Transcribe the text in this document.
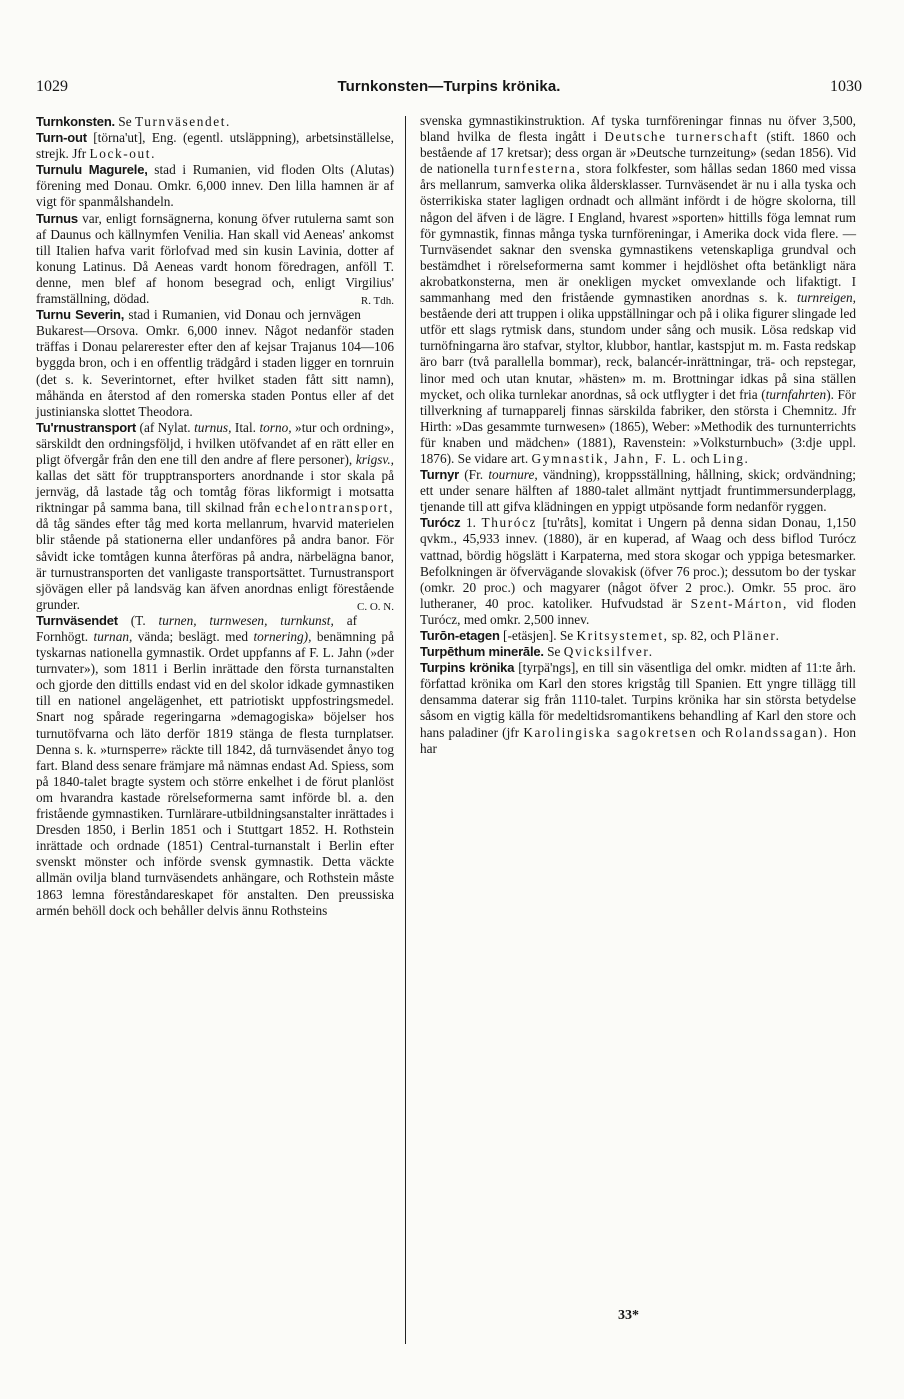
1029	Turnkonsten—Turpins krönika.	1030

Turnkonsten. Se Turnväsendet.

Turn-out [törna'ut], Eng. (egentl. utsläppning), arbetsinställelse, strejk. Jfr Lock-out.

Turnulu Magurele, stad i Rumanien, vid floden Olts (Alutas) förening med Donau. Omkr. 6,000 innev. Den lilla hamnen är af vigt för spanmålshandeln.

Turnus var, enligt fornsägnerna, konung öfver rutulerna samt son af Daunus och källnymfen Venilia. Han skall vid Aeneas' ankomst till Italien hafva varit förlofvad med sin kusin Lavinia, dotter af konung Latinus. Då Aeneas vardt honom föredragen, anföll T. denne, men blef af honom besegrad och, enligt Virgilius' framställning, dödad.	R. Tdh.

Turnu Severin, stad i Rumanien, vid Donau och jernvägen Bukarest—Orsova. Omkr. 6,000 innev. Något nedanför staden träffas i Donau pelarerester efter den af kejsar Trajanus 104—106 byggda bron, och i en offentlig trädgård i staden ligger en tornruin (det s. k. Severintornet, efter hvilket staden fått sitt namn), måhända en återstod af den romerska staden Pontus eller af det justinianska slottet Theodora.

Tu'rnustransport (af Nylat. turnus, Ital. torno, »tur och ordning», särskildt den ordningsföljd, i hvilken utöfvandet af en rätt eller en pligt öfvergår från den ene till den andre af flere personer), krigsv., kallas det sätt för trupptransporters anordnande i stor skala på jernväg, då lastade tåg och tomtåg föras likformigt i motsatta riktningar på samma bana, till skilnad från echelontransport, då tåg sändes efter tåg med korta mellanrum, hvarvid materielen blir stående på stationerna eller undanföres på andra banor. För såvidt icke tomtågen kunna återföras på andra, närbelägna banor, är turnustransporten det vanligaste transportsättet. Turnustransport sjövägen eller på landsväg kan äfven anordnas enligt förestående grunder.	C. O. N.

Turnväsendet (T. turnen, turnwesen, turnkunst, af Fornhögt. turnan, vända; beslägt. med tornering), benämning på tyskarnas nationella gymnastik. Ordet uppfanns af F. L. Jahn (»der turnvater»), som 1811 i Berlin inrättade den första turnanstalten och gjorde den dittills endast vid en del skolor idkade gymnastiken till en nationel angelägenhet, ett patriotiskt uppfostringsmedel. Snart nog spårade regeringarna »demagogiska» böjelser hos turnutöfvarna och läto derför 1819 stänga de flesta turnplatser. Denna s. k. »turnsperre» räckte till 1842, då turnväsendet ånyo tog fart. Bland dess senare främjare må nämnas endast Ad. Spiess, som på 1840-talet bragte system och större enkelhet i de förut planlöst om hvarandra kastade rörelseformerna samt införde bl. a. den fristående gymnastiken. Turnlärare-utbildningsanstalter inrättades i Dresden 1850, i Berlin 1851 och i Stuttgart 1852. H. Rothstein inrättade och ordnade (1851) Central-turnanstalt i Berlin efter svenskt mönster och införde svensk gymnastik. Detta väckte allmän ovilja bland turnväsendets anhängare, och Rothstein måste 1863 lemna föreståndareskapet för anstalten. Den preussiska armén behöll dock och behåller delvis ännu Rothsteins

svenska gymnastikinstruktion. Af tyska turnföreningar finnas nu öfver 3,500, bland hvilka de flesta ingått i Deutsche turnerschaft (stift. 1860 och bestående af 17 kretsar); dess organ är »Deutsche turnzeitung» (sedan 1856). Vid de nationella turnfesterna, stora folkfester, som hållas sedan 1860 med vissa års mellanrum, samverka olika åldersklasser. Turnväsendet är nu i alla tyska och österrikiska stater lagligen ordnadt och allmänt infördt i de högre skolorna, till någon del äfven i de lägre. I England, hvarest »sporten» hittills föga lemnat rum för gymnastik, finnas många tyska turnföreningar, i Amerika dock vida flere. — Turnväsendet saknar den svenska gymnastikens vetenskapliga grundval och bestämdhet i rörelseformerna samt kommer i hejdlöshet ofta betänkligt nära akrobatkonsterna, men är onekligen mycket omvexlande och lifaktigt. I sammanhang med den fristående gymnastiken anordnas s. k. turnreigen, bestående deri att truppen i olika uppställningar och på i olika figurer slingade led utför ett slags rytmisk dans, stundom under sång och musik. Lösa redskap vid turnöfningarna äro stafvar, styltor, klubbor, hantlar, kastspjut m. m. Fasta redskap äro barr (två parallella bommar), reck, balancér-inrättningar, trä- och repstegar, linor med och utan knutar, »hästen» m. m. Brottningar idkas på sina ställen mycket, och olika turnlekar anordnas, så ock utflygter i det fria (turnfahrten). För tillverkning af turnapparelj finnas särskilda fabriker, den största i Chemnitz. Jfr Hirth: »Das gesammte turnwesen» (1865), Weber: »Methodik des turnunterrichts für knaben und mädchen» (1881), Ravenstein: »Volksturnbuch» (3:dje uppl. 1876). Se vidare art. Gymnastik, Jahn, F. L. och Ling.

Turnyr (Fr. tournure, vändning), kroppsställning, hållning, skick; ordvändning; ett under senare hälften af 1880-talet allmänt nyttjadt fruntimmersunderplagg, tjenande till att gifva klädningen en yppigt utpösande form nedanför ryggen.

Turócz 1. Thurócz [tu'råts], komitat i Ungern på denna sidan Donau, 1,150 qvkm., 45,933 innev. (1880), är en kuperad, af Waag och dess biflod Turócz vattnad, bördig högslätt i Karpaterna, med stora skogar och yppiga betesmarker. Befolkningen är öfvervägande slovakisk (öfver 76 proc.); dessutom bo der tyskar (omkr. 20 proc.) och magyarer (något öfver 2 proc.). Omkr. 55 proc. äro lutheraner, 40 proc. katoliker. Hufvudstad är Szent-Márton, vid floden Turócz, med omkr. 2,500 innev.

Turōn-etagen [-etäsjen]. Se Kritsystemet, sp. 82, och Pläner.

Turpēthum minerāle. Se Qvicksilfver.

Turpins krönika [tyrpä'ngs], en till sin väsentliga del omkr. midten af 11:te årh. författad krönika om Karl den stores krigståg till Spanien. Ett yngre tillägg till densamma daterar sig från 1110-talet. Turpins krönika har sin största betydelse såsom en vigtig källa för medeltidsromantikens behandling af Karl den store och hans paladiner (jfr Karolingiska sagokretsen och Rolandssagan). Hon har

33*
